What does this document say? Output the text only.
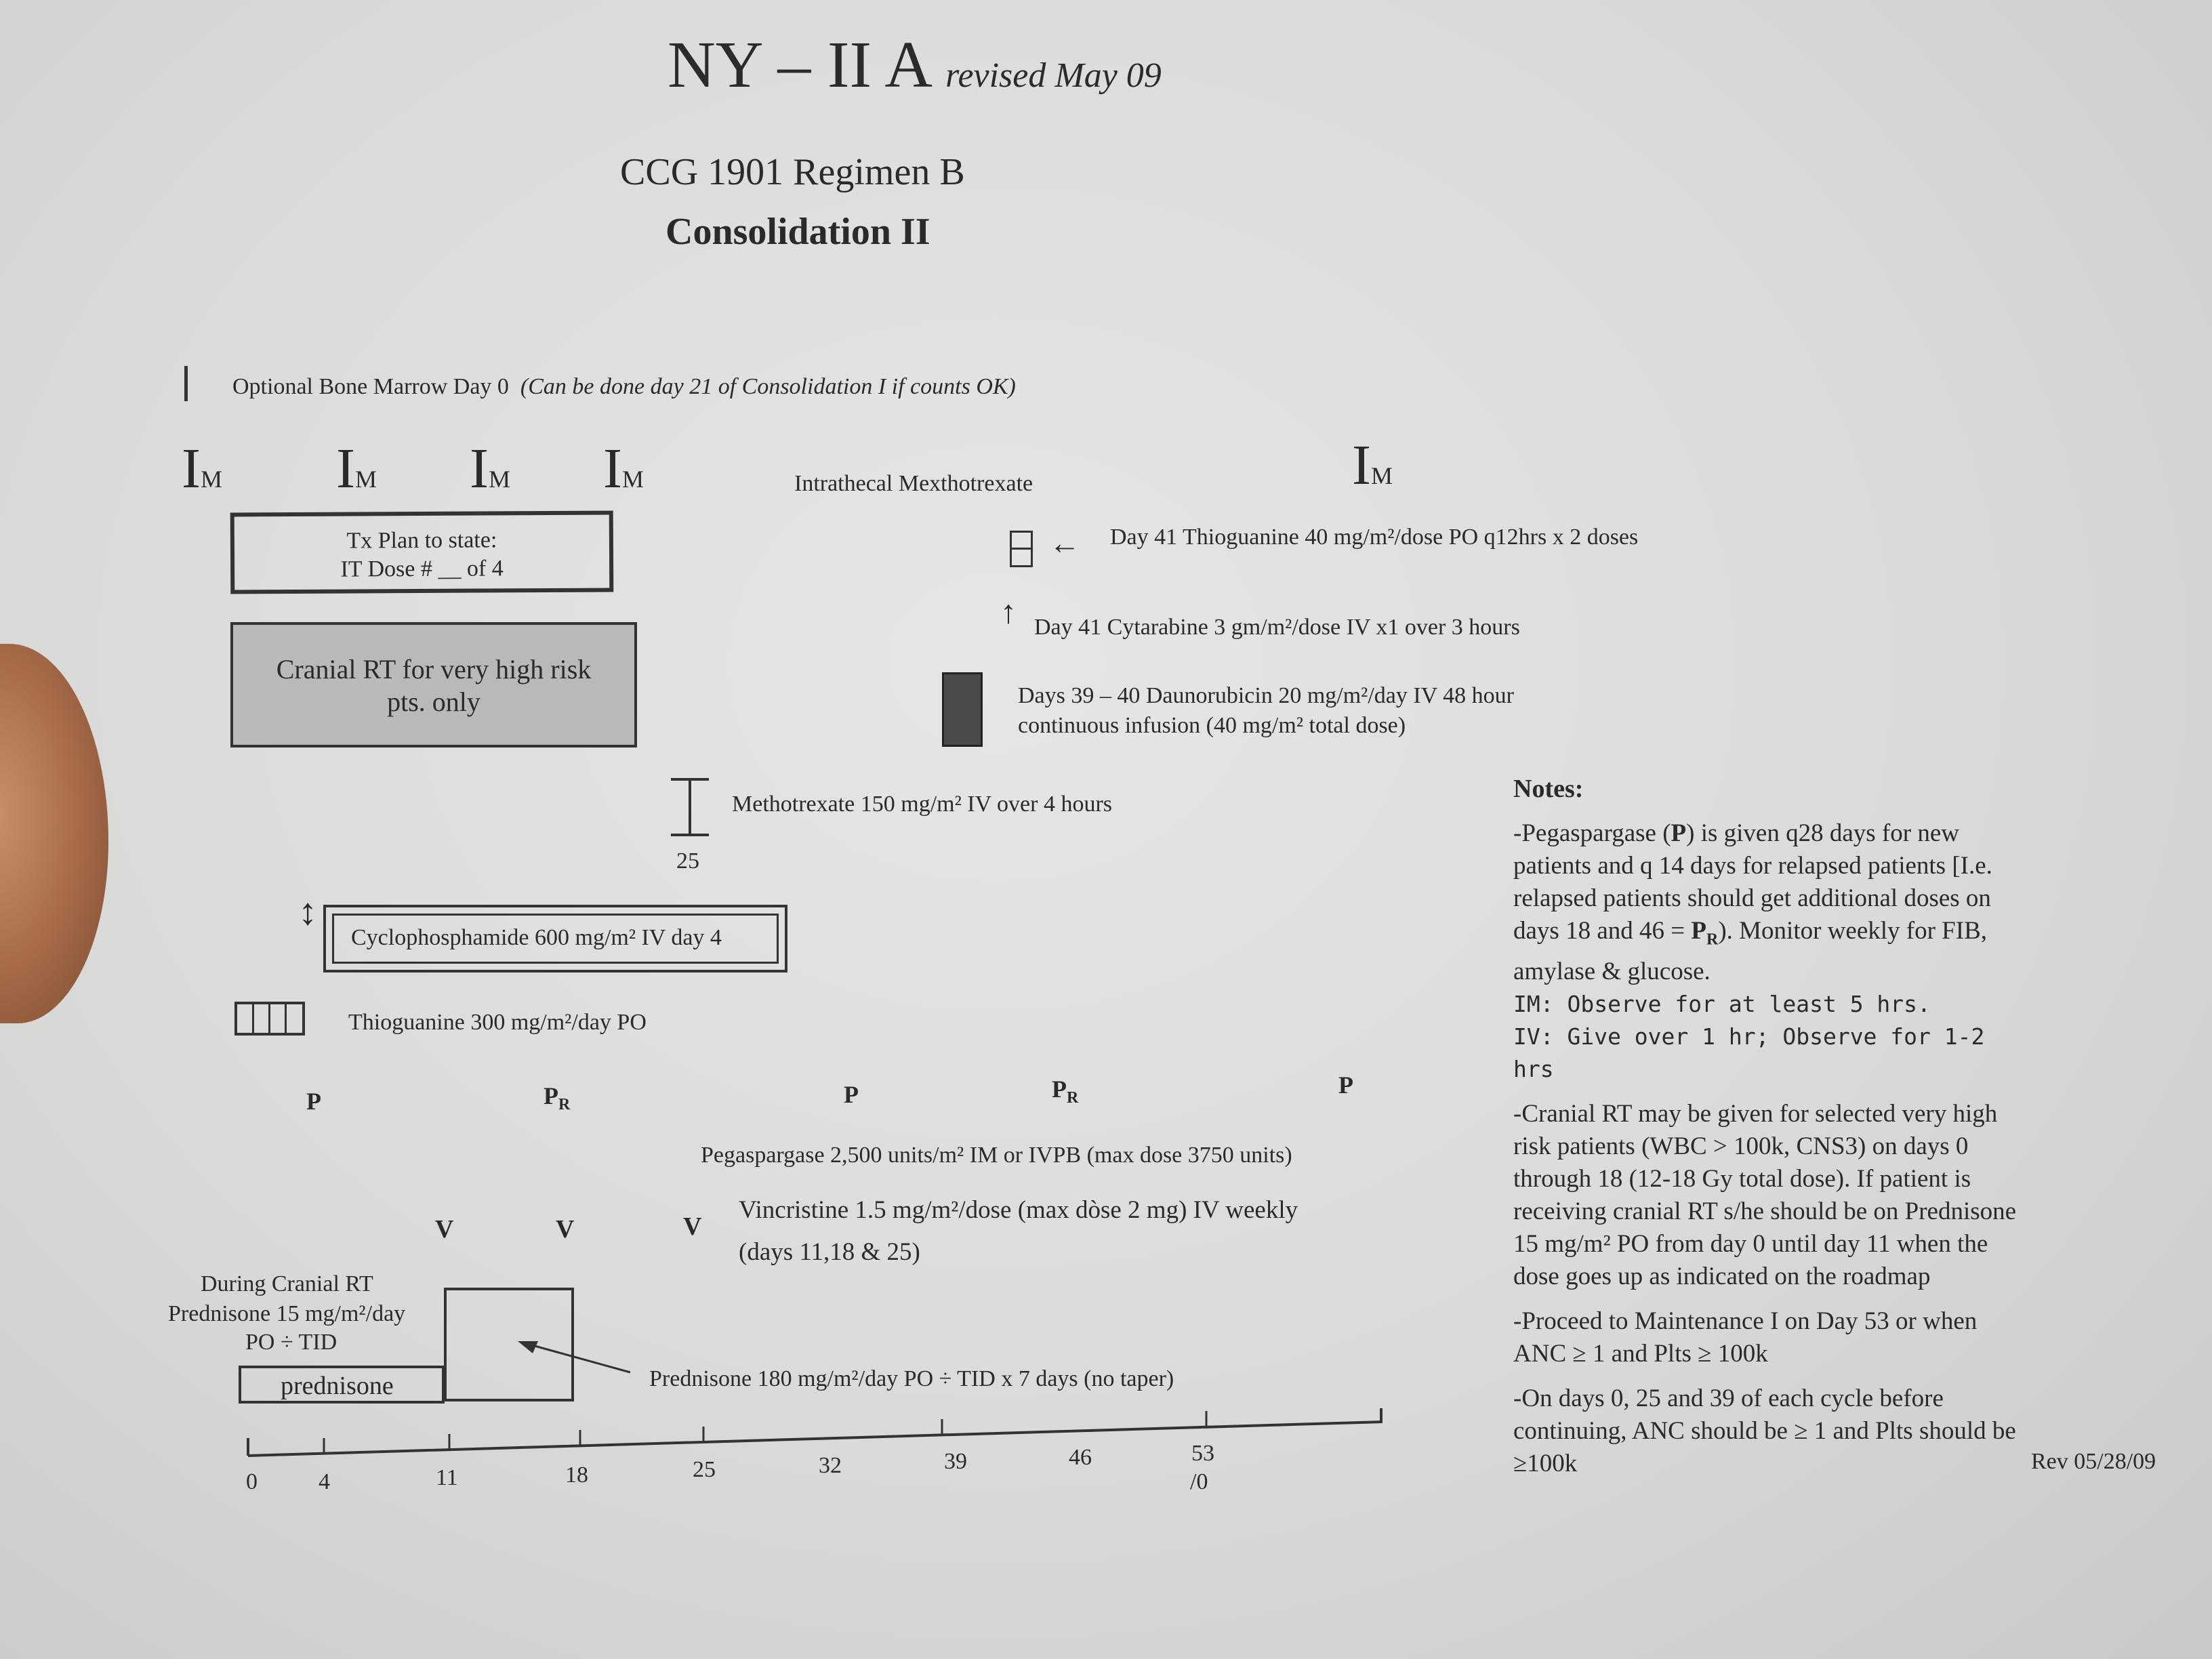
NY – II A revised May 09
CCG 1901 Regimen B
Consolidation II
Optional Bone Marrow Day 0 (Can be done day 21 of Consolidation I if counts OK)
IM IM IM IM	IM
Intrathecal Mexthotrexate
Tx Plan to state:
IT Dose # __ of 4
Cranial RT for very high risk
pts. only
← Day 41 Thioguanine 40 mg/m²/dose PO q12hrs x 2 doses
↑ Day 41 Cytarabine 3 gm/m²/dose IV x1 over 3 hours
Days 39 – 40 Daunorubicin 20 mg/m²/day IV 48 hour
continuous infusion (40 mg/m² total dose)
Methotrexate 150 mg/m² IV over 4 hours
25
↕
Cyclophosphamide 600 mg/m² IV day 4
Thioguanine 300 mg/m²/day PO
P	$P_R$	P	$P_R$	P
Pegaspargase 2,500 units/m² IM or IVPB (max dose 3750 units)
V	V	V
Vincristine 1.5 mg/m²/dose (max dòse 2 mg) IV weekly
(days 11,18 & 25)
During Cranial RT
Prednisone 15 mg/m²/day
PO ÷ TID
prednisone	Prednisone 180 mg/m²/day PO ÷ TID x 7 days (no taper)
0	4	11	18	25	32	39	46	53
/0
Notes:

-Pegaspargase (P) is given q28 days for new patients and q 14 days for relapsed patients [I.e. relapsed patients should get additional doses on days 18 and $46 = P_R$). Monitor weekly for FIB, amylase & glucose.

IM: Observe for at least 5 hrs.

IV: Give over 1 hr; Observe for 1-2 hrs

-Cranial RT may be given for selected very high risk patients (WBC > 100k, CNS3) on days 0 through 18 (12-18 Gy total dose). If patient is receiving cranial RT s/he should be on Prednisone 15 mg/m² PO from day 0 until day 11 when the dose goes up as indicated on the roadmap

-Proceed to Maintenance I on Day 53 or when ANC ≥ 1 and Plts ≥ 100k

-On days 0, 25 and 39 of each cycle before continuing, ANC should be ≥ 1 and Plts should be ≥100k	Rev 05/28/09
